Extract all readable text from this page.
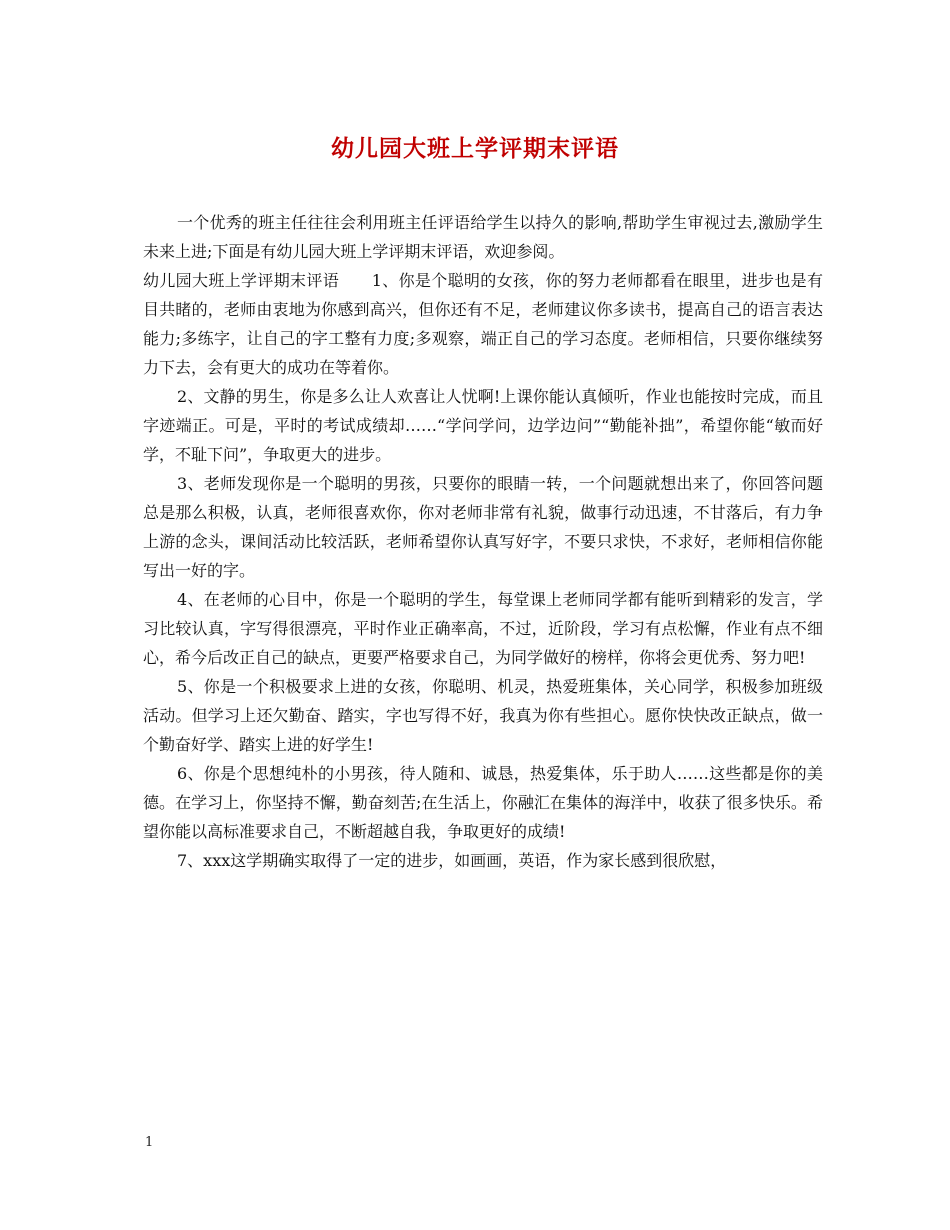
幼儿园大班上学评期末评语

一个优秀的班主任往往会利用班主任评语给学生以持久的影响,帮助学生审视过去,激励学生未来上进;下面是有幼儿园大班上学评期末评语，欢迎参阅。

幼儿园大班上学评期末评语　　1、你是个聪明的女孩，你的努力老师都看在眼里，进步也是有目共睹的，老师由衷地为你感到高兴，但你还有不足，老师建议你多读书，提高自己的语言表达能力;多练字，让自己的字工整有力度;多观察，端正自己的学习态度。老师相信，只要你继续努力下去，会有更大的成功在等着你。

2、文静的男生，你是多么让人欢喜让人忧啊!上课你能认真倾听，作业也能按时完成，而且字迹端正。可是，平时的考试成绩却……“学问学问，边学边问”“勤能补拙”，希望你能“敏而好学，不耻下问”，争取更大的进步。

3、老师发现你是一个聪明的男孩，只要你的眼睛一转，一个问题就想出来了，你回答问题总是那么积极，认真，老师很喜欢你，你对老师非常有礼貌，做事行动迅速，不甘落后，有力争上游的念头，课间活动比较活跃，老师希望你认真写好字，不要只求快，不求好，老师相信你能写出一好的字。

4、在老师的心目中，你是一个聪明的学生，每堂课上老师同学都有能听到精彩的发言，学习比较认真，字写得很漂亮，平时作业正确率高，不过，近阶段，学习有点松懈，作业有点不细心，希今后改正自己的缺点，更要严格要求自己，为同学做好的榜样，你将会更优秀、努力吧!

5、你是一个积极要求上进的女孩，你聪明、机灵，热爱班集体，关心同学，积极参加班级活动。但学习上还欠勤奋、踏实，字也写得不好，我真为你有些担心。愿你快快改正缺点，做一个勤奋好学、踏实上进的好学生!

6、你是个思想纯朴的小男孩，待人随和、诚恳，热爱集体，乐于助人……这些都是你的美德。在学习上，你坚持不懈，勤奋刻苦;在生活上，你融汇在集体的海洋中，收获了很多快乐。希望你能以高标准要求自己，不断超越自我，争取更好的成绩!

7、xxx这学期确实取得了一定的进步，如画画，英语，作为家长感到很欣慰，

1
